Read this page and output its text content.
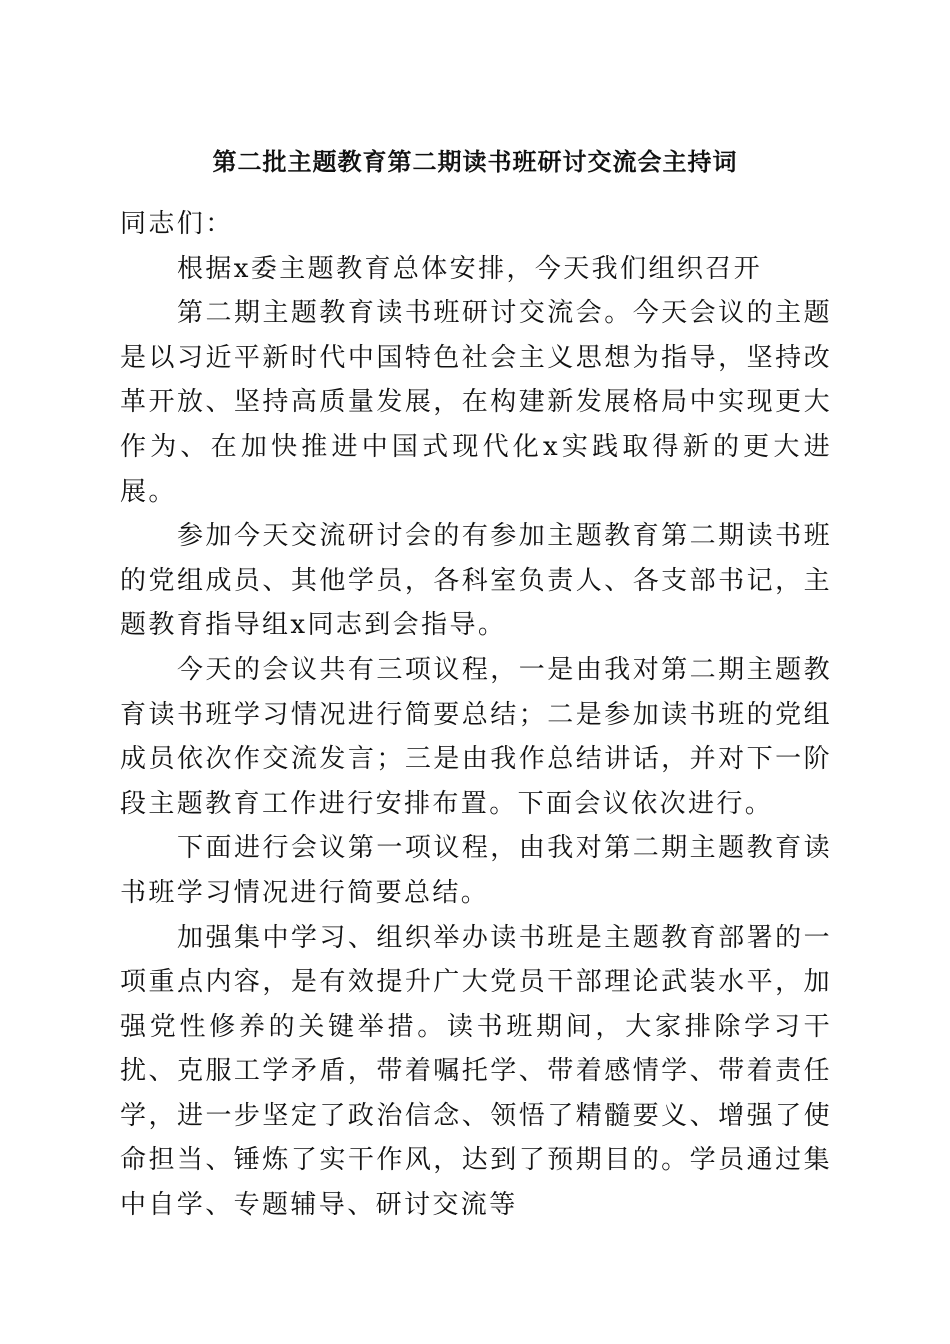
第二批主题教育第二期读书班研讨交流会主持词

同志们：

根据x委主题教育总体安排，今天我们组织召开

第二期主题教育读书班研讨交流会。今天会议的主题是以习近平新时代中国特色社会主义思想为指导，坚持改革开放、坚持高质量发展，在构建新发展格局中实现更大作为、在加快推进中国式现代化x实践取得新的更大进展。

参加今天交流研讨会的有参加主题教育第二期读书班的党组成员、其他学员，各科室负责人、各支部书记，主题教育指导组x同志到会指导。

今天的会议共有三项议程，一是由我对第二期主题教育读书班学习情况进行简要总结；二是参加读书班的党组成员依次作交流发言；三是由我作总结讲话，并对下一阶段主题教育工作进行安排布置。下面会议依次进行。

下面进行会议第一项议程，由我对第二期主题教育读书班学习情况进行简要总结。

加强集中学习、组织举办读书班是主题教育部署的一项重点内容，是有效提升广大党员干部理论武装水平，加强党性修养的关键举措。读书班期间，大家排除学习干扰、克服工学矛盾，带着嘱托学、带着感情学、带着责任学，进一步坚定了政治信念、领悟了精髓要义、增强了使命担当、锤炼了实干作风，达到了预期目的。学员通过集中自学、专题辅导、研讨交流等
